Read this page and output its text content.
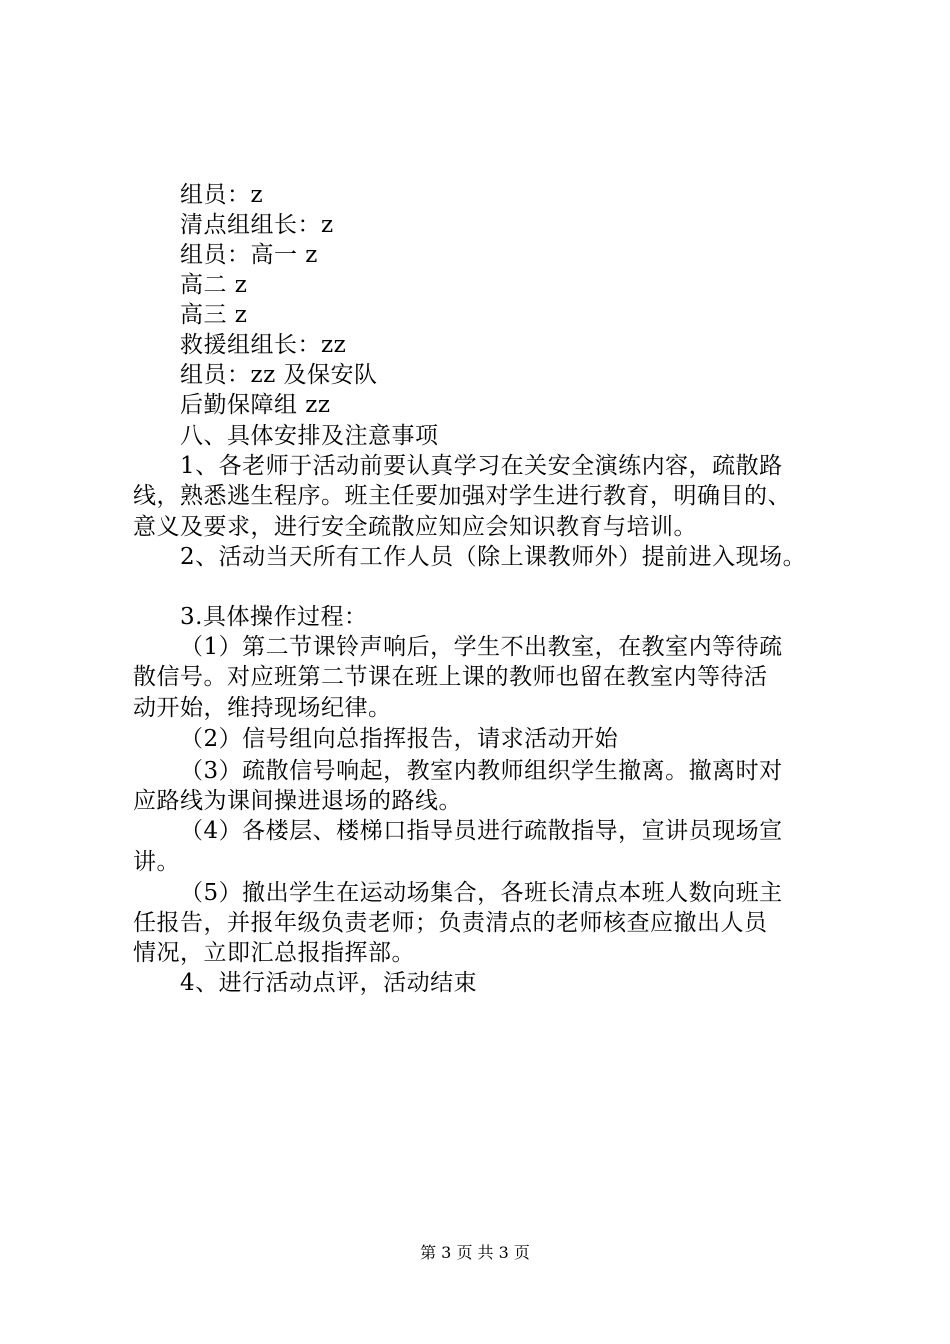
组员：z
清点组组长：z
组员：高一 z
高二 z
高三 z
救援组组长：zz
组员：zz 及保安队
后勤保障组 zz
八、具体安排及注意事项
1、各老师于活动前要认真学习在关安全演练内容，疏散路
线，熟悉逃生程序。班主任要加强对学生进行教育，明确目的、
意义及要求，进行安全疏散应知应会知识教育与培训。
2、活动当天所有工作人员（除上课教师外）提前进入现场。
3.具体操作过程：
（1）第二节课铃声响后，学生不出教室，在教室内等待疏
散信号。对应班第二节课在班上课的教师也留在教室内等待活
动开始，维持现场纪律。
（2）信号组向总指挥报告，请求活动开始
（3）疏散信号响起，教室内教师组织学生撤离。撤离时对
应路线为课间操进退场的路线。
（4）各楼层、楼梯口指导员进行疏散指导，宣讲员现场宣
讲。
（5）撤出学生在运动场集合，各班长清点本班人数向班主
任报告，并报年级负责老师；负责清点的老师核查应撤出人员
情况，立即汇总报指挥部。
4、进行活动点评，活动结束
第 3 页 共 3 页
